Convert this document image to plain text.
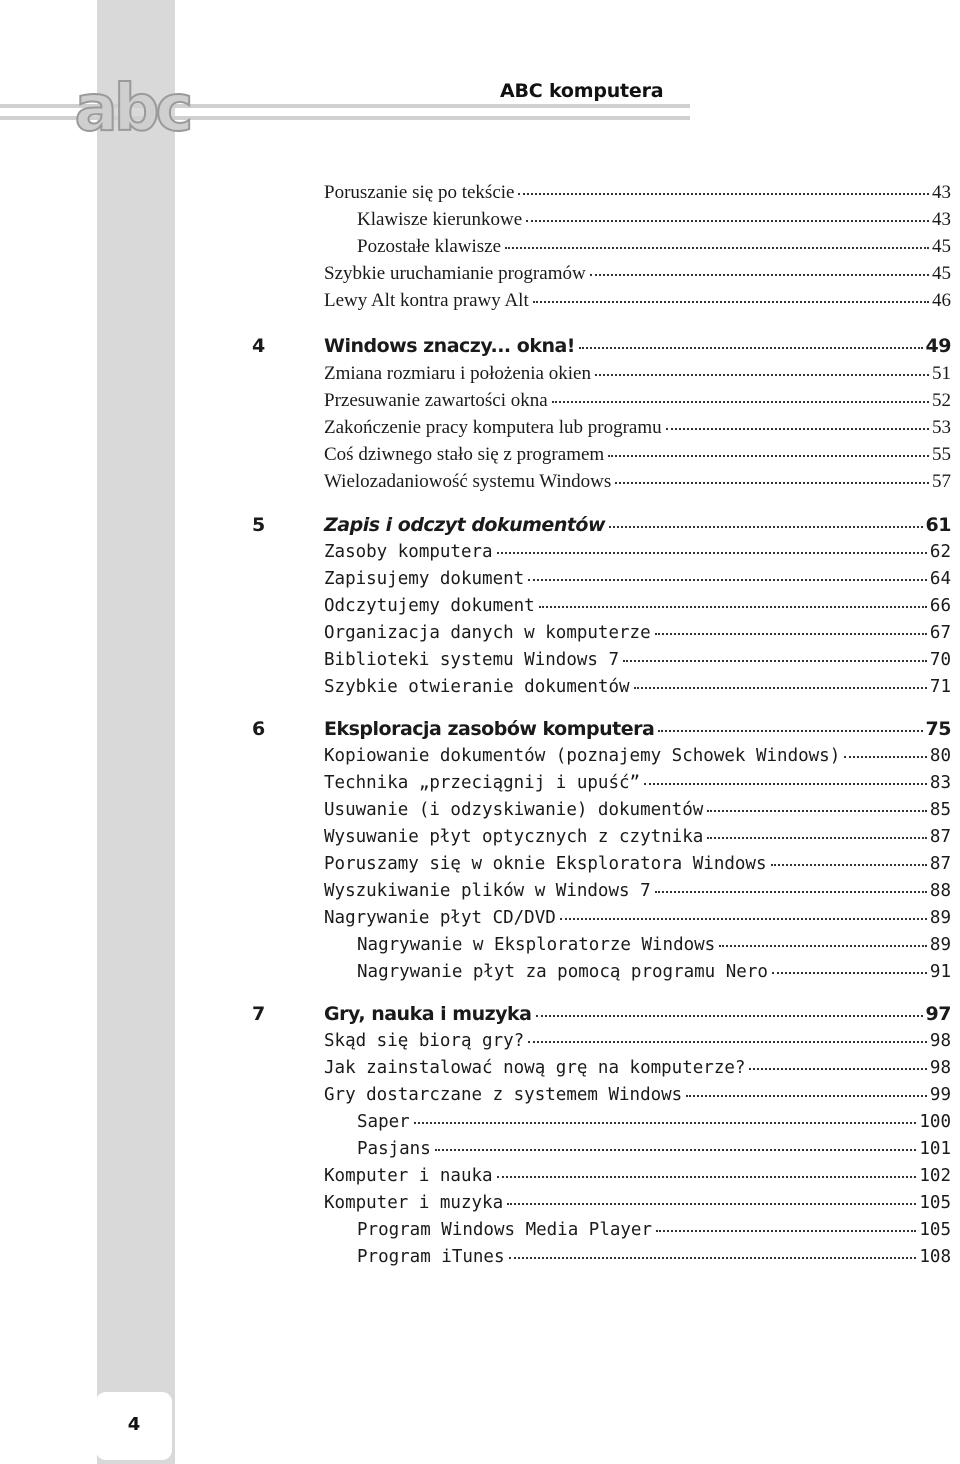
abc	ABC komputera
Poruszanie się po tekście	43
Klawisze kierunkowe	43
Pozostałe klawisze	45
Szybkie uruchamianie programów	45
Lewy Alt kontra prawy Alt	46
4	Windows znaczy... okna!	49
Zmiana rozmiaru i położenia okien	51
Przesuwanie zawartości okna	52
Zakończenie pracy komputera lub programu	53
Coś dziwnego stało się z programem	55
Wielozadaniowość systemu Windows	57
5	Zapis i odczyt dokumentów	61
Zasoby komputera	62
Zapisujemy dokument	64
Odczytujemy dokument	66
Organizacja danych w komputerze	67
Biblioteki systemu Windows 7	70
Szybkie otwieranie dokumentów	71
6	Eksploracja zasobów komputera	75
Kopiowanie dokumentów (poznajemy Schowek Windows)	80
Technika „przeciągnij i upuść”	83
Usuwanie (i odzyskiwanie) dokumentów	85
Wysuwanie płyt optycznych z czytnika	87
Poruszamy się w oknie Eksploratora Windows	87
Wyszukiwanie plików w Windows 7	88
Nagrywanie płyt CD/DVD	89
Nagrywanie w Eksploratorze Windows	89
Nagrywanie płyt za pomocą programu Nero	91
7	Gry, nauka i muzyka	97
Skąd się biorą gry?	98
Jak zainstalować nową grę na komputerze?	98
Gry dostarczane z systemem Windows	99
Saper	100
Pasjans	101
Komputer i nauka	102
Komputer i muzyka	105
Program Windows Media Player	105
Program iTunes	108
4
